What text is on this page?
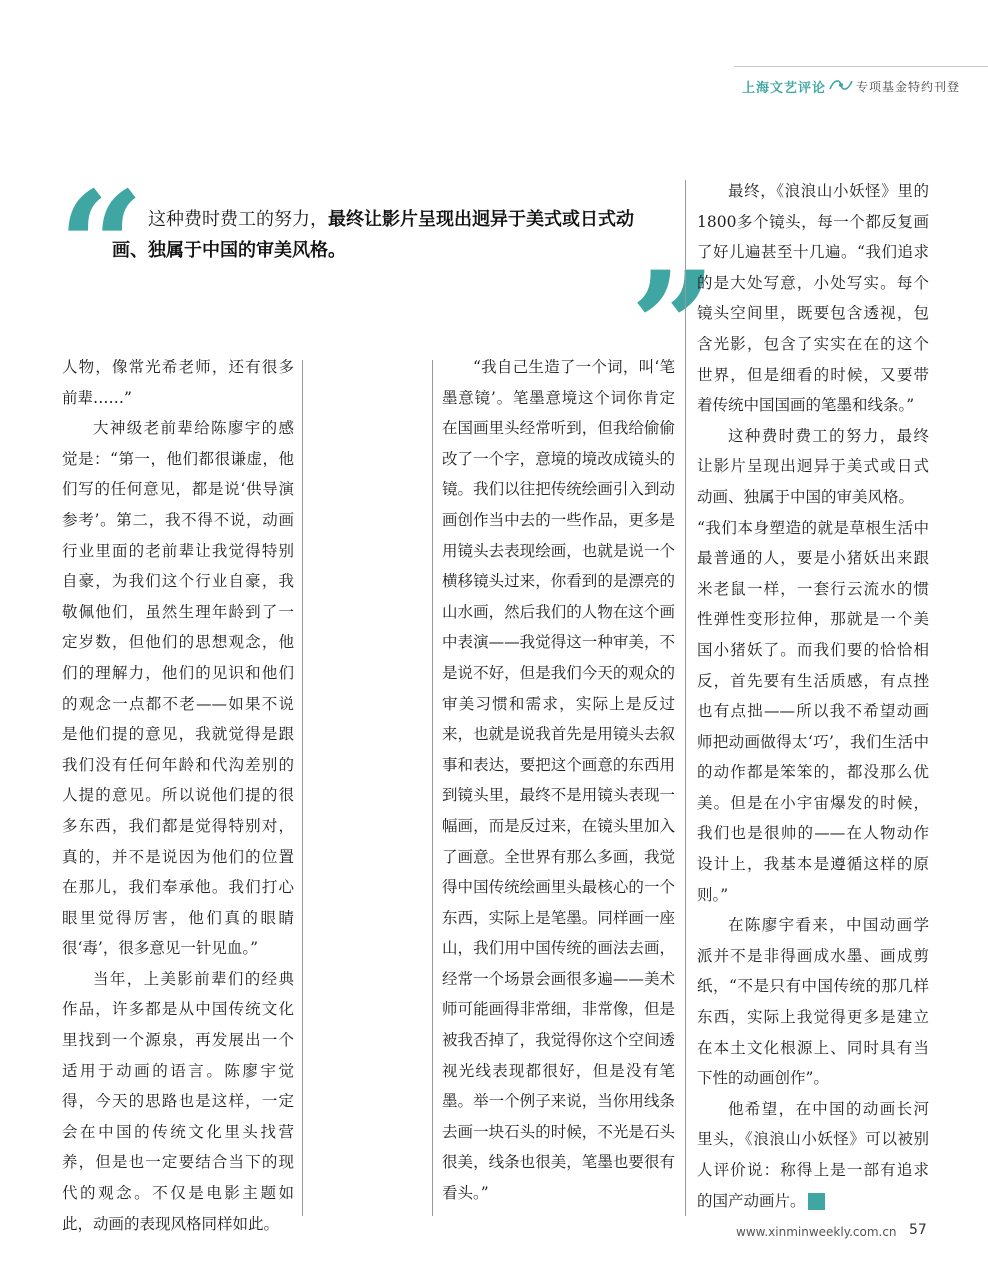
上海文艺评论 专项基金特约刊登
“ 这种费时费工的努力，最终让影片呈现出迥异于美式或日式动画、独属于中国的审美风格。	”

人物，像常光希老师，还有很多前辈……”

大神级老前辈给陈廖宇的感觉是：“第一，他们都很谦虚，他们写的任何意见，都是说‘供导演参考’。第二，我不得不说，动画行业里面的老前辈让我觉得特别自豪，为我们这个行业自豪，我敬佩他们，虽然生理年龄到了一定岁数，但他们的思想观念，他们的理解力，他们的见识和他们的观念一点都不老——如果不说是他们提的意见，我就觉得是跟我们没有任何年龄和代沟差别的人提的意见。所以说他们提的很多东西，我们都是觉得特别对，真的，并不是说因为他们的位置在那儿，我们奉承他。我们打心眼里觉得厉害，他们真的眼睛很‘毒’，很多意见一针见血。”

当年，上美影前辈们的经典作品，许多都是从中国传统文化里找到一个源泉，再发展出一个适用于动画的语言。陈廖宇觉得，今天的思路也是这样，一定会在中国的传统文化里头找营养，但是也一定要结合当下的现代的观念。不仅是电影主题如此，动画的表现风格同样如此。

“我自己生造了一个词，叫‘笔墨意镜’。笔墨意境这个词你肯定在国画里头经常听到，但我给偷偷改了一个字，意境的境改成镜头的镜。我们以往把传统绘画引入到动画创作当中去的一些作品，更多是用镜头去表现绘画，也就是说一个横移镜头过来，你看到的是漂亮的山水画，然后我们的人物在这个画中表演——我觉得这一种审美，不是说不好，但是我们今天的观众的审美习惯和需求，实际上是反过来，也就是说我首先是用镜头去叙事和表达，要把这个画意的东西用到镜头里，最终不是用镜头表现一幅画，而是反过来，在镜头里加入了画意。全世界有那么多画，我觉得中国传统绘画里头最核心的一个东西，实际上是笔墨。同样画一座山，我们用中国传统的画法去画，经常一个场景会画很多遍——美术师可能画得非常细，非常像，但是被我否掉了，我觉得你这个空间透视光线表现都很好，但是没有笔墨。举一个例子来说，当你用线条去画一块石头的时候，不光是石头很美，线条也很美，笔墨也要很有看头。”

最终，《浪浪山小妖怪》里的1800多个镜头，每一个都反复画了好儿遍甚至十几遍。“我们追求的是大处写意，小处写实。每个镜头空间里，既要包含透视，包含光影，包含了实实在在的这个世界，但是细看的时候，又要带着传统中国国画的笔墨和线条。”

这种费时费工的努力，最终让影片呈现出迥异于美式或日式动画、独属于中国的审美风格。

“我们本身塑造的就是草根生活中最普通的人，要是小猪妖出来跟米老鼠一样，一套行云流水的惯性弹性变形拉伸，那就是一个美国小猪妖了。而我们要的恰恰相反，首先要有生活质感，有点挫也有点拙——所以我不希望动画师把动画做得太‘巧’，我们生活中的动作都是笨笨的，都没那么优美。但是在小宇宙爆发的时候，我们也是很帅的——在人物动作设计上，我基本是遵循这样的原则。”

在陈廖宇看来，中国动画学派并不是非得画成水墨、画成剪纸，“不是只有中国传统的那几样东西，实际上我觉得更多是建立在本土文化根源上、同时具有当下性的动画创作”。

他希望，在中国的动画长河里头，《浪浪山小妖怪》可以被别人评价说：称得上是一部有追求的国产动画片。	民

www.xinminweekly.com.cn 57
